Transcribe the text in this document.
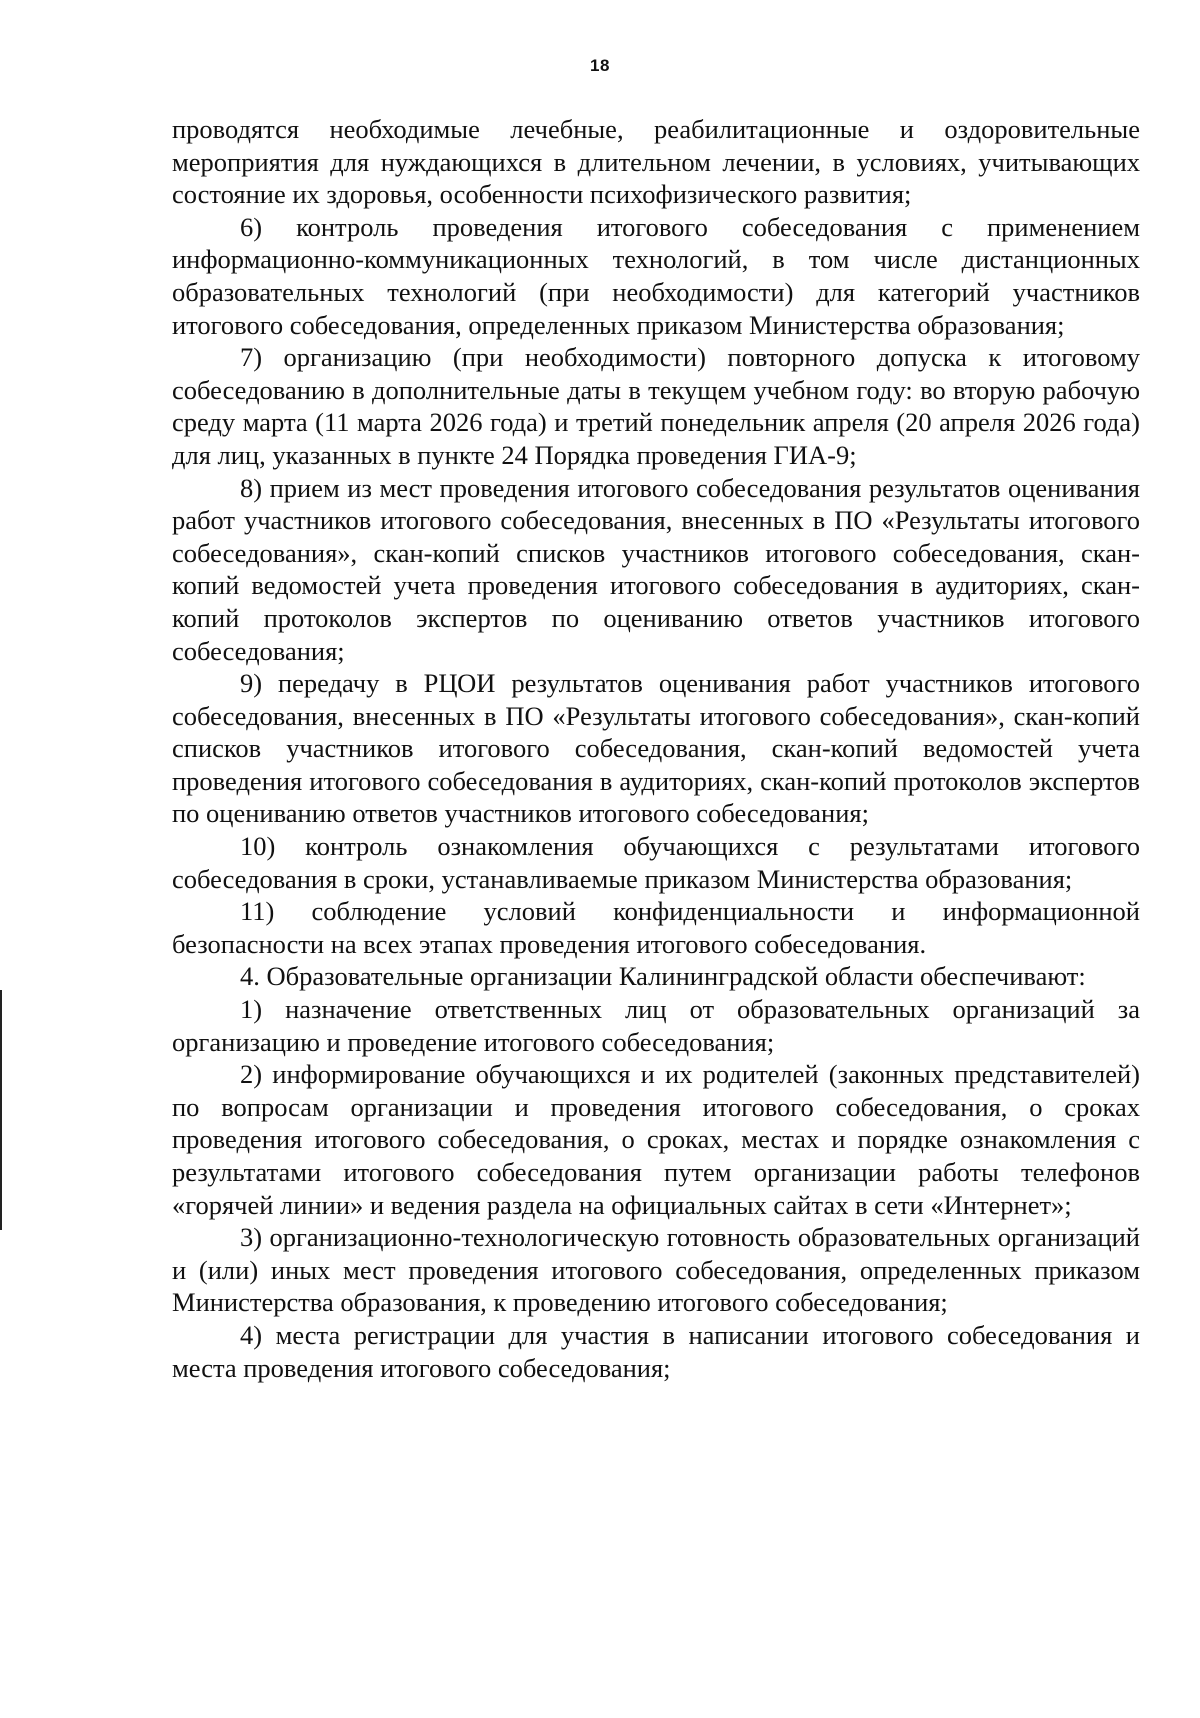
18

проводятся необходимые лечебные, реабилитационные и оздоровительные мероприятия для нуждающихся в длительном лечении, в условиях, учитывающих состояние их здоровья, особенности психофизического развития;

6) контроль проведения итогового собеседования с применением информационно-коммуникационных технологий, в том числе дистанционных образовательных технологий (при необходимости) для категорий участников итогового собеседования, определенных приказом Министерства образования;

7) организацию (при необходимости) повторного допуска к итоговому собеседованию в дополнительные даты в текущем учебном году: во вторую рабочую среду марта (11 марта 2026 года) и третий понедельник апреля (20 апреля 2026 года) для лиц, указанных в пункте 24 Порядка проведения ГИА-9;

8) прием из мест проведения итогового собеседования результатов оценивания работ участников итогового собеседования, внесенных в ПО «Результаты итогового собеседования», скан-копий списков участников итогового собеседования, скан-копий ведомостей учета проведения итогового собеседования в аудиториях, скан-копий протоколов экспертов по оцениванию ответов участников итогового собеседования;

9) передачу в РЦОИ результатов оценивания работ участников итогового собеседования, внесенных в ПО «Результаты итогового собеседования», скан-копий списков участников итогового собеседования, скан-копий ведомостей учета проведения итогового собеседования в аудиториях, скан-копий протоколов экспертов по оцениванию ответов участников итогового собеседования;

10) контроль ознакомления обучающихся с результатами итогового собеседования в сроки, устанавливаемые приказом Министерства образования;

11) соблюдение условий конфиденциальности и информационной безопасности на всех этапах проведения итогового собеседования.

4. Образовательные организации Калининградской области обеспечивают:

1) назначение ответственных лиц от образовательных организаций за организацию и проведение итогового собеседования;

2) информирование обучающихся и их родителей (законных представителей) по вопросам организации и проведения итогового собеседования, о сроках проведения итогового собеседования, о сроках, местах и порядке ознакомления с результатами итогового собеседования путем организации работы телефонов «горячей линии» и ведения раздела на официальных сайтах в сети «Интернет»;

3) организационно-технологическую готовность образовательных организаций и (или) иных мест проведения итогового собеседования, определенных приказом Министерства образования, к проведению итогового собеседования;

4) места регистрации для участия в написании итогового собеседования и места проведения итогового собеседования;
